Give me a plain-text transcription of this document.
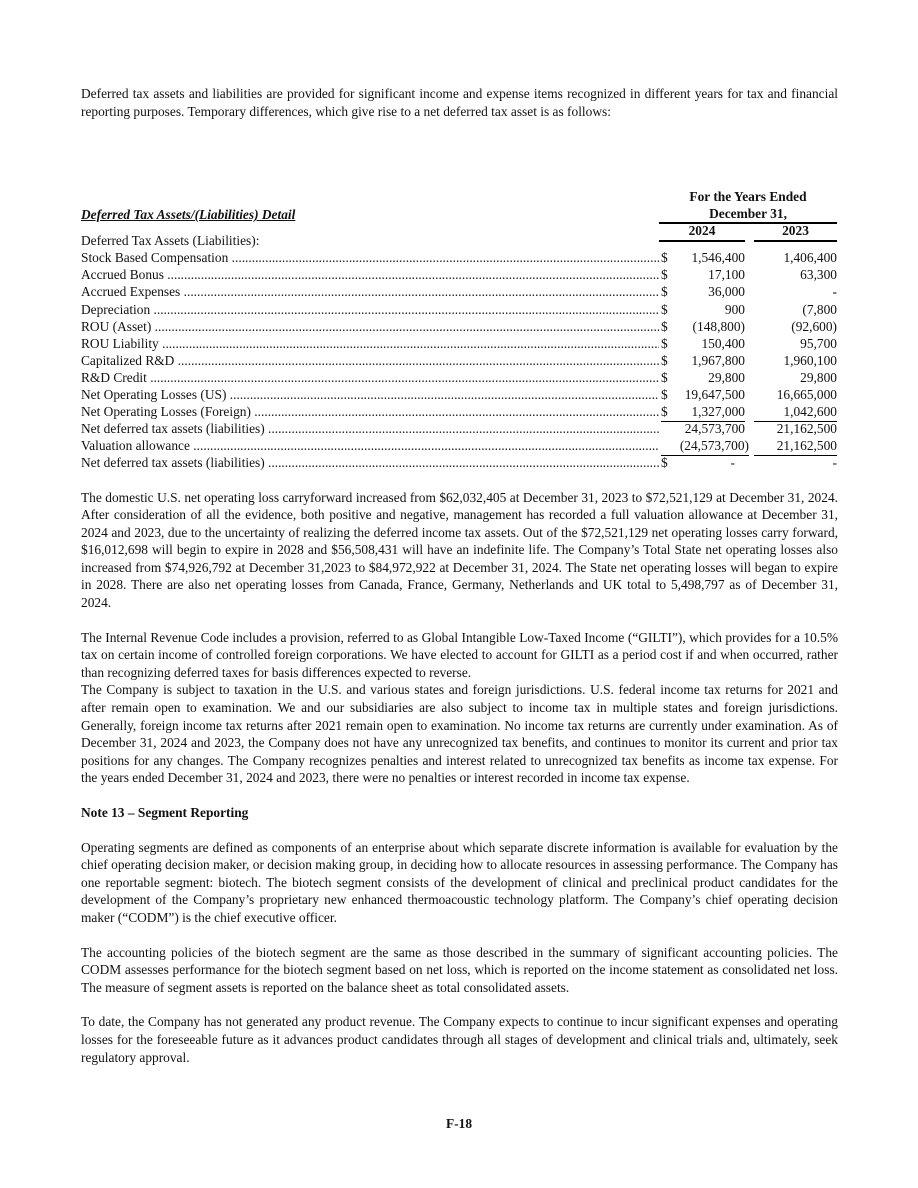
Deferred tax assets and liabilities are provided for significant income and expense items recognized in different years for tax and financial reporting purposes. Temporary differences, which give rise to a net deferred tax asset is as follows:

Deferred Tax Assets/(Liabilities) Detail
For the Years Ended
December 31,
2024	2023
Deferred Tax Assets (Liabilities):
Stock Based Compensation .....	$	1,546,400	1,406,400
Accrued Bonus .....	$	17,100	63,300
Accrued Expenses .....	$	36,000	-
Depreciation .....	$	900	(7,800
ROU (Asset) .....	$	(148,800)	(92,600)
ROU Liability .....	$	150,400	95,700
Capitalized R&D .....	$	1,967,800	1,960,100
R&D Credit .....	$	29,800	29,800
Net Operating Losses (US) .....	$	19,647,500	16,665,000
Net Operating Losses (Foreign) .....	$	1,327,000	1,042,600
Net deferred tax assets (liabilities) .....	24,573,700	21,162,500
Valuation allowance .....	(24,573,700)	21,162,500
Net deferred tax assets (liabilities) .....	$	-	-

The domestic U.S. net operating loss carryforward increased from $62,032,405 at December 31, 2023 to $72,521,129 at December 31, 2024. After consideration of all the evidence, both positive and negative, management has recorded a full valuation allowance at December 31, 2024 and 2023, due to the uncertainty of realizing the deferred income tax assets. Out of the $72,521,129 net operating losses carry forward, $16,012,698 will begin to expire in 2028 and $56,508,431 will have an indefinite life. The Company’s Total State net operating losses also increased from $74,926,792 at December 31,2023 to $84,972,922 at December 31, 2024. The State net operating losses will began to expire in 2028. There are also net operating losses from Canada, France, Germany, Netherlands and UK total to 5,498,797 as of December 31, 2024.

The Internal Revenue Code includes a provision, referred to as Global Intangible Low-Taxed Income (“GILTI”), which provides for a 10.5% tax on certain income of controlled foreign corporations. We have elected to account for GILTI as a period cost if and when occurred, rather than recognizing deferred taxes for basis differences expected to reverse.

The Company is subject to taxation in the U.S. and various states and foreign jurisdictions. U.S. federal income tax returns for 2021 and after remain open to examination. We and our subsidiaries are also subject to income tax in multiple states and foreign jurisdictions. Generally, foreign income tax returns after 2021 remain open to examination. No income tax returns are currently under examination. As of December 31, 2024 and 2023, the Company does not have any unrecognized tax benefits, and continues to monitor its current and prior tax positions for any changes. The Company recognizes penalties and interest related to unrecognized tax benefits as income tax expense. For the years ended December 31, 2024 and 2023, there were no penalties or interest recorded in income tax expense.

Note 13 – Segment Reporting

Operating segments are defined as components of an enterprise about which separate discrete information is available for evaluation by the chief operating decision maker, or decision making group, in deciding how to allocate resources in assessing performance. The Company has one reportable segment: biotech. The biotech segment consists of the development of clinical and preclinical product candidates for the development of the Company’s proprietary new enhanced thermoacoustic technology platform. The Company’s chief operating decision maker (“CODM”) is the chief executive officer.

The accounting policies of the biotech segment are the same as those described in the summary of significant accounting policies. The CODM assesses performance for the biotech segment based on net loss, which is reported on the income statement as consolidated net loss. The measure of segment assets is reported on the balance sheet as total consolidated assets.

To date, the Company has not generated any product revenue. The Company expects to continue to incur significant expenses and operating losses for the foreseeable future as it advances product candidates through all stages of development and clinical trials and, ultimately, seek regulatory approval.

F-18
